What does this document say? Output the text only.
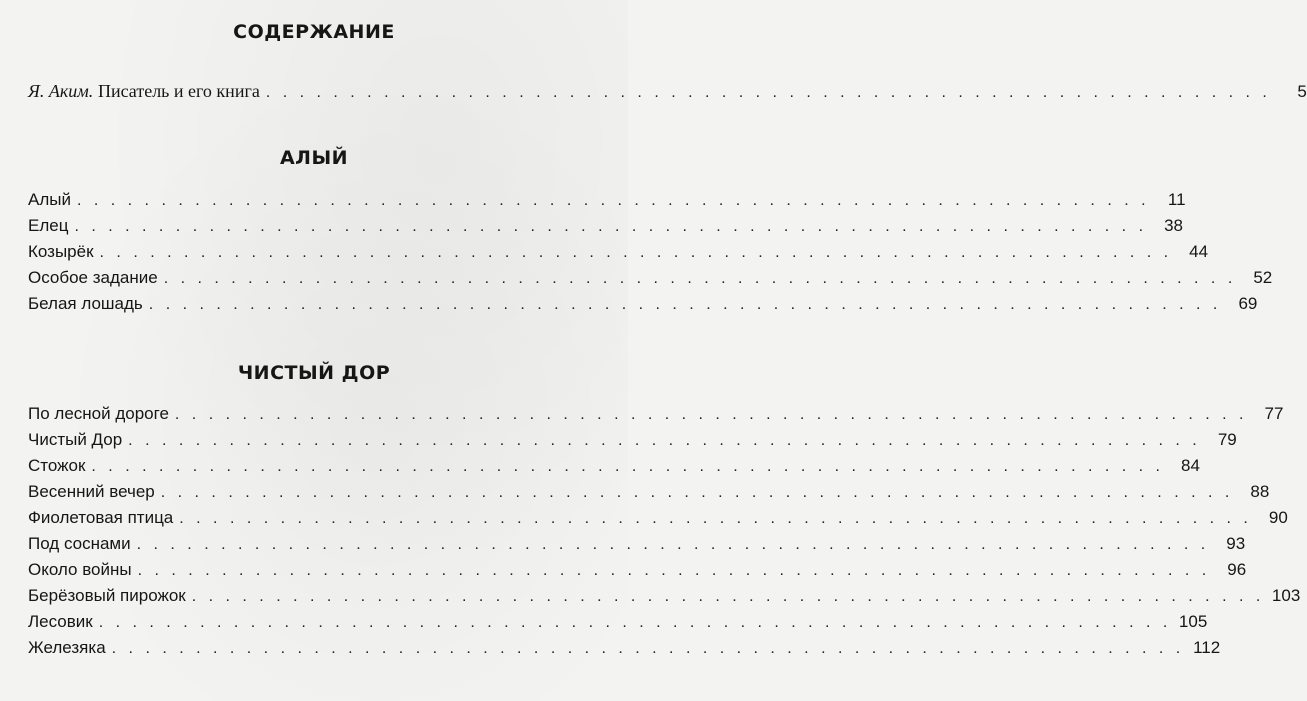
СОДЕРЖАНИЕ
Я. Аким. Писатель и его книга . . . . . . . . . . . . . . . . . . . . . . . . . . . . . . . . . . . . . . . . . . . . . . . . . . . . . . . . . . . .	5
АЛЫЙ
Алый . . . . . . . . . . . . . . . . . . . . . . . . . . . . . . . . . . . . . . . . . . . . . . . . . . . . . . . . . . . . . . . .	11
Елец . . . . . . . . . . . . . . . . . . . . . . . . . . . . . . . . . . . . . . . . . . . . . . . . . . . . . . . . . . . . . . . .	38
Козырёк . . . . . . . . . . . . . . . . . . . . . . . . . . . . . . . . . . . . . . . . . . . . . . . . . . . . . . . . . . . . . . . .	44
Особое задание . . . . . . . . . . . . . . . . . . . . . . . . . . . . . . . . . . . . . . . . . . . . . . . . . . . . . . . . . . . . . . . .	52
Белая лошадь . . . . . . . . . . . . . . . . . . . . . . . . . . . . . . . . . . . . . . . . . . . . . . . . . . . . . . . . . . . . . . . .	69
ЧИСТЫЙ ДОР
По лесной дороге . . . . . . . . . . . . . . . . . . . . . . . . . . . . . . . . . . . . . . . . . . . . . . . . . . . . . . . . . . . . . . . .	77
Чистый Дор . . . . . . . . . . . . . . . . . . . . . . . . . . . . . . . . . . . . . . . . . . . . . . . . . . . . . . . . . . . . . . . .	79
Стожок . . . . . . . . . . . . . . . . . . . . . . . . . . . . . . . . . . . . . . . . . . . . . . . . . . . . . . . . . . . . . . . .	84
Весенний вечер . . . . . . . . . . . . . . . . . . . . . . . . . . . . . . . . . . . . . . . . . . . . . . . . . . . . . . . . . . . . . . . .	88
Фиолетовая птица . . . . . . . . . . . . . . . . . . . . . . . . . . . . . . . . . . . . . . . . . . . . . . . . . . . . . . . . . . . . . . . .	90
Под соснами . . . . . . . . . . . . . . . . . . . . . . . . . . . . . . . . . . . . . . . . . . . . . . . . . . . . . . . . . . . . . . . .	93
Около войны . . . . . . . . . . . . . . . . . . . . . . . . . . . . . . . . . . . . . . . . . . . . . . . . . . . . . . . . . . . . . . . .	96
Берёзовый пирожок . . . . . . . . . . . . . . . . . . . . . . . . . . . . . . . . . . . . . . . . . . . . . . . . . . . . . . . . . . . . . . . . 103
Лесовик . . . . . . . . . . . . . . . . . . . . . . . . . . . . . . . . . . . . . . . . . . . . . . . . . . . . . . . . . . . . . . . . 105
Железяка . . . . . . . . . . . . . . . . . . . . . . . . . . . . . . . . . . . . . . . . . . . . . . . . . . . . . . . . . . . . . . . . 112
